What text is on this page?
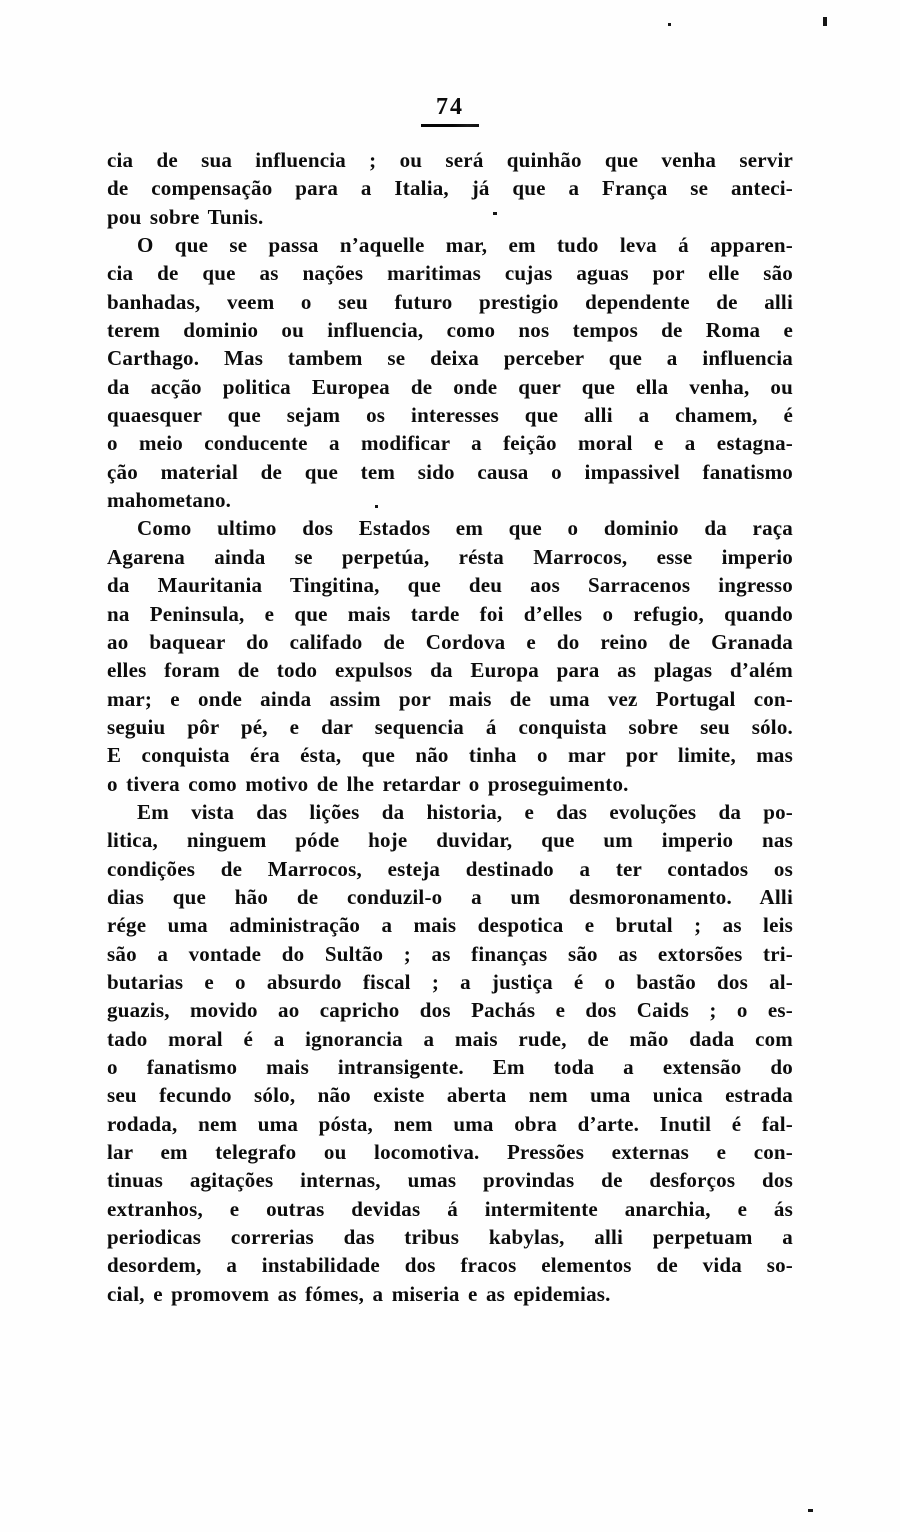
74
cia de sua influencia ; ou será quinhão que venha servir
de compensação para a Italia, já que a França se anteci-
pou sobre Tunis.
O que se passa n’aquelle mar, em tudo leva á apparen-
cia de que as nações maritimas cujas aguas por elle são
banhadas, veem o seu futuro prestigio dependente de alli
terem dominio ou influencia, como nos tempos de Roma e
Carthago. Mas tambem se deixa perceber que a influencia
da acção politica Europea de onde quer que ella venha, ou
quaesquer que sejam os interesses que alli a chamem, é
o meio conducente a modificar a feição moral e a estagna-
ção material de que tem sido causa o impassivel fanatismo
mahometano.
Como ultimo dos Estados em que o dominio da raça
Agarena ainda se perpetúa, résta Marrocos, esse imperio
da Mauritania Tingitina, que deu aos Sarracenos ingresso
na Peninsula, e que mais tarde foi d’elles o refugio, quando
ao baquear do califado de Cordova e do reino de Granada
elles foram de todo expulsos da Europa para as plagas d’além
mar; e onde ainda assim por mais de uma vez Portugal con-
seguiu pôr pé, e dar sequencia á conquista sobre seu sólo.
E conquista éra ésta, que não tinha o mar por limite, mas
o tivera como motivo de lhe retardar o proseguimento.
Em vista das lições da historia, e das evoluções da po-
litica, ninguem póde hoje duvidar, que um imperio nas
condições de Marrocos, esteja destinado a ter contados os
dias que hão de conduzil-o a um desmoronamento. Alli
rége uma administração a mais despotica e brutal ; as leis
são a vontade do Sultão ; as finanças são as extorsões tri-
butarias e o absurdo fiscal ; a justiça é o bastão dos al-
guazis, movido ao capricho dos Pachás e dos Caids ; o es-
tado moral é a ignorancia a mais rude, de mão dada com
o fanatismo mais intransigente. Em toda a extensão do
seu fecundo sólo, não existe aberta nem uma unica estrada
rodada, nem uma pósta, nem uma obra d’arte. Inutil é fal-
lar em telegrafo ou locomotiva. Pressões externas e con-
tinuas agitações internas, umas provindas de desforços dos
extranhos, e outras devidas á intermitente anarchia, e ás
periodicas correrias das tribus kabylas, alli perpetuam a
desordem, a instabilidade dos fracos elementos de vida so-
cial, e promovem as fómes, a miseria e as epidemias.
